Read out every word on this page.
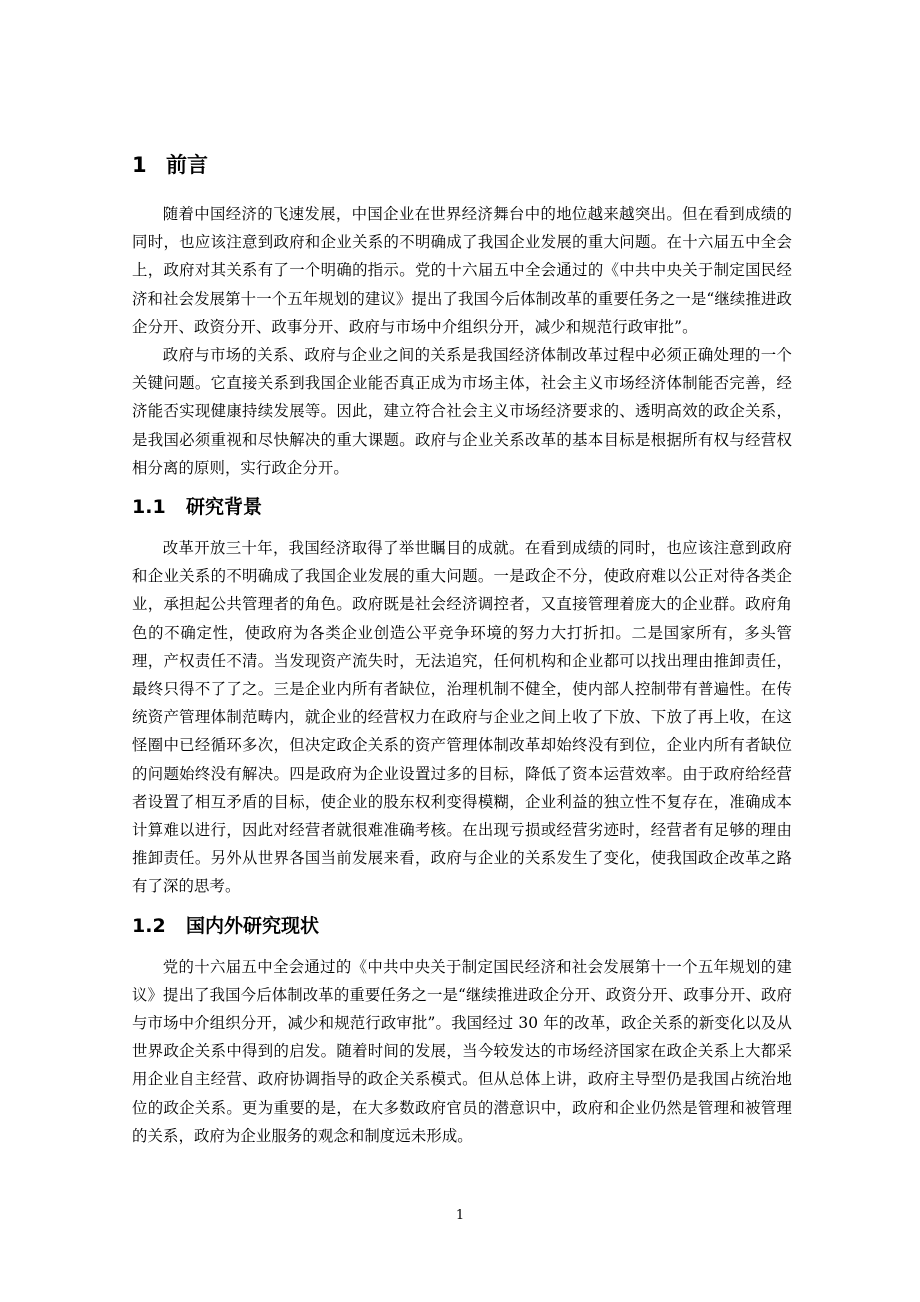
1 前言

随着中国经济的飞速发展，中国企业在世界经济舞台中的地位越来越突出。但在看到成绩的同时，也应该注意到政府和企业关系的不明确成了我国企业发展的重大问题。在十六届五中全会上，政府对其关系有了一个明确的指示。党的十六届五中全会通过的《中共中央关于制定国民经济和社会发展第十一个五年规划的建议》提出了我国今后体制改革的重要任务之一是“继续推进政企分开、政资分开、政事分开、政府与市场中介组织分开，减少和规范行政审批”。

政府与市场的关系、政府与企业之间的关系是我国经济体制改革过程中必须正确处理的一个关键问题。它直接关系到我国企业能否真正成为市场主体，社会主义市场经济体制能否完善，经济能否实现健康持续发展等。因此，建立符合社会主义市场经济要求的、透明高效的政企关系，是我国必须重视和尽快解决的重大课题。政府与企业关系改革的基本目标是根据所有权与经营权相分离的原则，实行政企分开。

1.1	研究背景

改革开放三十年，我国经济取得了举世瞩目的成就。在看到成绩的同时，也应该注意到政府和企业关系的不明确成了我国企业发展的重大问题。一是政企不分，使政府难以公正对待各类企业，承担起公共管理者的角色。政府既是社会经济调控者，又直接管理着庞大的企业群。政府角色的不确定性，使政府为各类企业创造公平竞争环境的努力大打折扣。二是国家所有，多头管理，产权责任不清。当发现资产流失时，无法追究，任何机构和企业都可以找出理由推卸责任，最终只得不了了之。三是企业内所有者缺位，治理机制不健全，使内部人控制带有普遍性。在传统资产管理体制范畴内，就企业的经营权力在政府与企业之间上收了下放、下放了再上收，在这怪圈中已经循环多次，但决定政企关系的资产管理体制改革却始终没有到位，企业内所有者缺位的问题始终没有解决。四是政府为企业设置过多的目标，降低了资本运营效率。由于政府给经营者设置了相互矛盾的目标，使企业的股东权利变得模糊，企业利益的独立性不复存在，准确成本计算难以进行，因此对经营者就很难准确考核。在出现亏损或经营劣迹时，经营者有足够的理由推卸责任。另外从世界各国当前发展来看，政府与企业的关系发生了变化，使我国政企改革之路有了深的思考。

1.2	国内外研究现状

党的十六届五中全会通过的《中共中央关于制定国民经济和社会发展第十一个五年规划的建议》提出了我国今后体制改革的重要任务之一是“继续推进政企分开、政资分开、政事分开、政府与市场中介组织分开，减少和规范行政审批”。我国经过 30 年的改革，政企关系的新变化以及从世界政企关系中得到的启发。随着时间的发展，当今较发达的市场经济国家在政企关系上大都采用企业自主经营、政府协调指导的政企关系模式。但从总体上讲，政府主导型仍是我国占统治地位的政企关系。更为重要的是，在大多数政府官员的潜意识中，政府和企业仍然是管理和被管理的关系，政府为企业服务的观念和制度远未形成。

1
